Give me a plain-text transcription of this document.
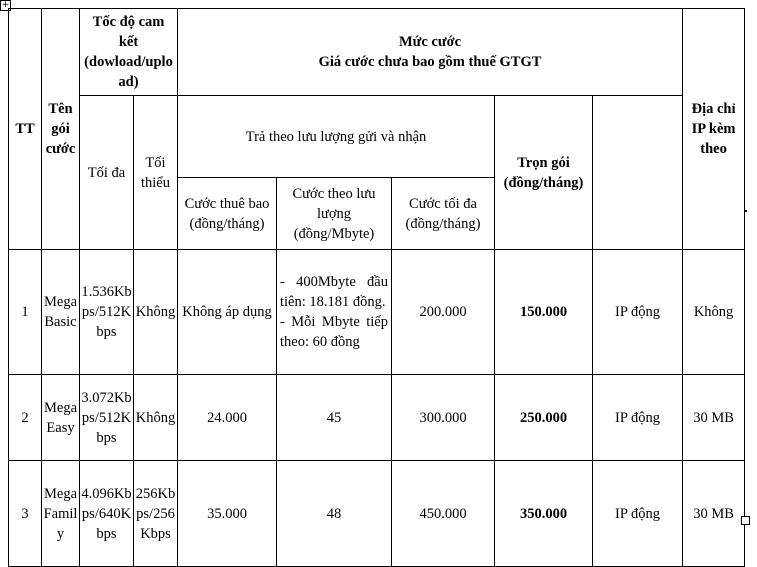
+
TT	Tên gói cước	Tốc độ cam kết (dowload/upload)		Mức cước
Giá cước chưa bao gồm thuế GTGT					Địa chỉ IP kèm theo	
		Tối đa	Tối thiểu	Trả theo lưu lượng gửi và nhận			Trọn gói (đồng/tháng)			
				Cước thuê bao (đồng/tháng)	Cước theo lưu lượng (đồng/Mbyte)	Cước tối đa (đồng/tháng)				
1	Mega Basic	1.536Kbps/512Kbps	Không	Không áp dụng	- 400Mbyte đầu tiên: 18.181 đồng.
- Mỗi Mbyte tiếp theo: 60 đồng	200.000	150.000	IP động	Không	
2	Mega Easy	3.072Kbps/512Kbps	Không	24.000	45	300.000	250.000	IP động	30 MB	
3	Mega Family	4.096Kbps/640Kbps	256Kbps/256Kbps	35.000	48	450.000	350.000	IP động	30 MB	
